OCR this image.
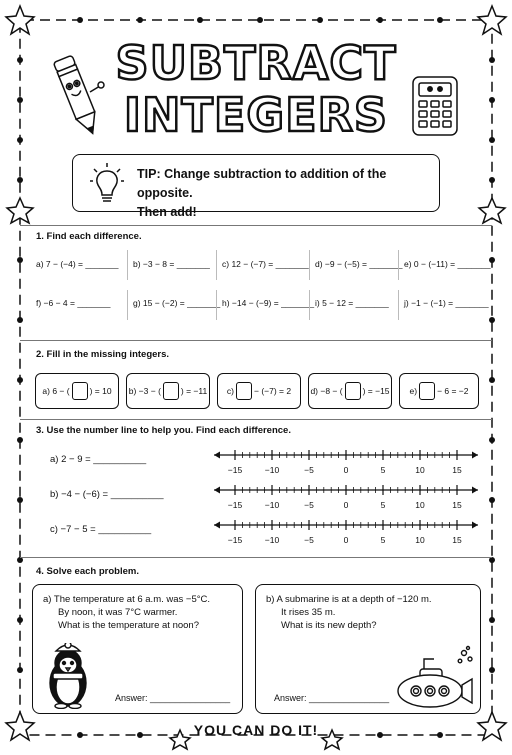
SUBTRACT
INTEGERS
TIP: Change subtraction to addition of the opposite.
Then add!
1. Find each difference.
a) 7 − (−4) = _______ b) −3 − 8 = _______ c) 12 − (−7) = _______ d) −9 − (−5) = _______ e) 0 − (−11) = _______
f) −6 − 4 = _______	g) 15 − (−2) = _______ h) −14 − (−9) = _______ i) 5 − 12 = _______ j) −1 − (−1) = _______
2. Fill in the missing integers.
a) 6 − ( ) = 10 b) −3 − ( ) = −11 c) − (−7) = 2 d) −8 − ( ) = −15 e) − 6 = −2
3. Use the number line to help you. Find each difference.
a) 2 − 9 = __________
b) −4 − (−6) = __________
c) −7 − 5 = __________
−15	−10	−5	0	5	10	15
−15	−10	−5	0	5	10	15
−15	−10	−5	0	5	10	15
4. Solve each problem.
a) The temperature at 6 a.m. was −5°C.
By noon, it was 7°C warmer.
What is the temperature at noon?
Answer: ________________
b) A submarine is at a depth of −120 m.
It rises 35 m.
What is its new depth?
Answer: ________________
YOU CAN DO IT!
